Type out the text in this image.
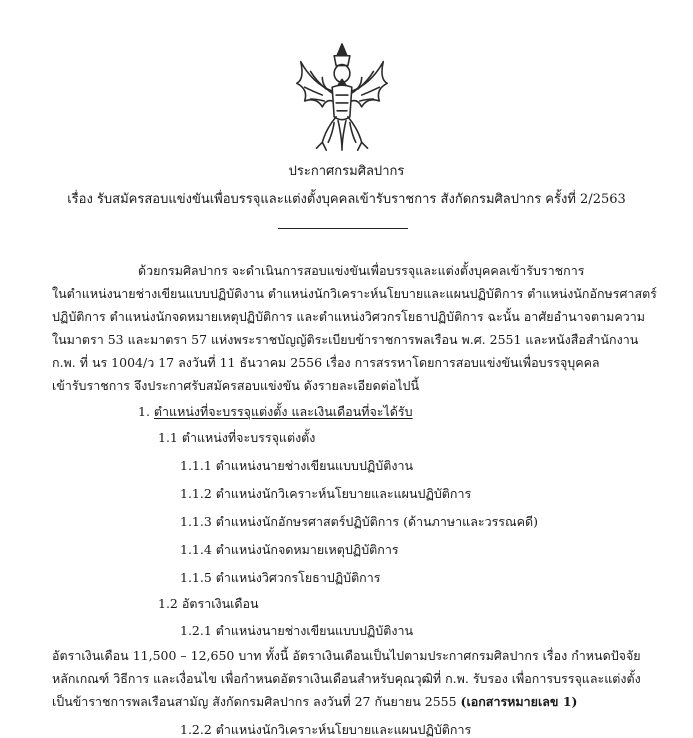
ประกาศกรมศิลปากร
เรื่อง รับสมัครสอบแข่งขันเพื่อบรรจุและแต่งตั้งบุคคลเข้ารับราชการ สังกัดกรมศิลปากร ครั้งที่ 2/2563
ด้วยกรมศิลปากร จะดำเนินการสอบแข่งขันเพื่อบรรจุและแต่งตั้งบุคคลเข้ารับราชการ
ในตำแหน่งนายช่างเขียนแบบปฏิบัติงาน ตำแหน่งนักวิเคราะห์นโยบายและแผนปฏิบัติการ ตำแหน่งนักอักษรศาสตร์
ปฏิบัติการ ตำแหน่งนักจดหมายเหตุปฏิบัติการ และตำแหน่งวิศวกรโยธาปฏิบัติการ ฉะนั้น อาศัยอำนาจตามความ
ในมาตรา 53 และมาตรา 57 แห่งพระราชบัญญัติระเบียบข้าราชการพลเรือน พ.ศ. 2551 และหนังสือสำนักงาน
ก.พ. ที่ นร 1004/ว 17 ลงวันที่ 11 ธันวาคม 2556 เรื่อง การสรรหาโดยการสอบแข่งขันเพื่อบรรจุบุคคล
เข้ารับราชการ จึงประกาศรับสมัครสอบแข่งขัน ดังรายละเอียดต่อไปนี้
1. ตำแหน่งที่จะบรรจุแต่งตั้ง และเงินเดือนที่จะได้รับ
1.1 ตำแหน่งที่จะบรรจุแต่งตั้ง
1.1.1 ตำแหน่งนายช่างเขียนแบบปฏิบัติงาน
1.1.2 ตำแหน่งนักวิเคราะห์นโยบายและแผนปฏิบัติการ
1.1.3 ตำแหน่งนักอักษรศาสตร์ปฏิบัติการ (ด้านภาษาและวรรณคดี)
1.1.4 ตำแหน่งนักจดหมายเหตุปฏิบัติการ
1.1.5 ตำแหน่งวิศวกรโยธาปฏิบัติการ
1.2 อัตราเงินเดือน
1.2.1 ตำแหน่งนายช่างเขียนแบบปฏิบัติงาน
อัตราเงินเดือน 11,500 – 12,650 บาท ทั้งนี้ อัตราเงินเดือนเป็นไปตามประกาศกรมศิลปากร เรื่อง กำหนดปัจจัย
หลักเกณฑ์ วิธีการ และเงื่อนไข เพื่อกำหนดอัตราเงินเดือนสำหรับคุณวุฒิที่ ก.พ. รับรอง เพื่อการบรรจุและแต่งตั้ง
เป็นข้าราชการพลเรือนสามัญ สังกัดกรมศิลปากร ลงวันที่ 27 กันยายน 2555 (เอกสารหมายเลข 1)
1.2.2 ตำแหน่งนักวิเคราะห์นโยบายและแผนปฏิบัติการ
